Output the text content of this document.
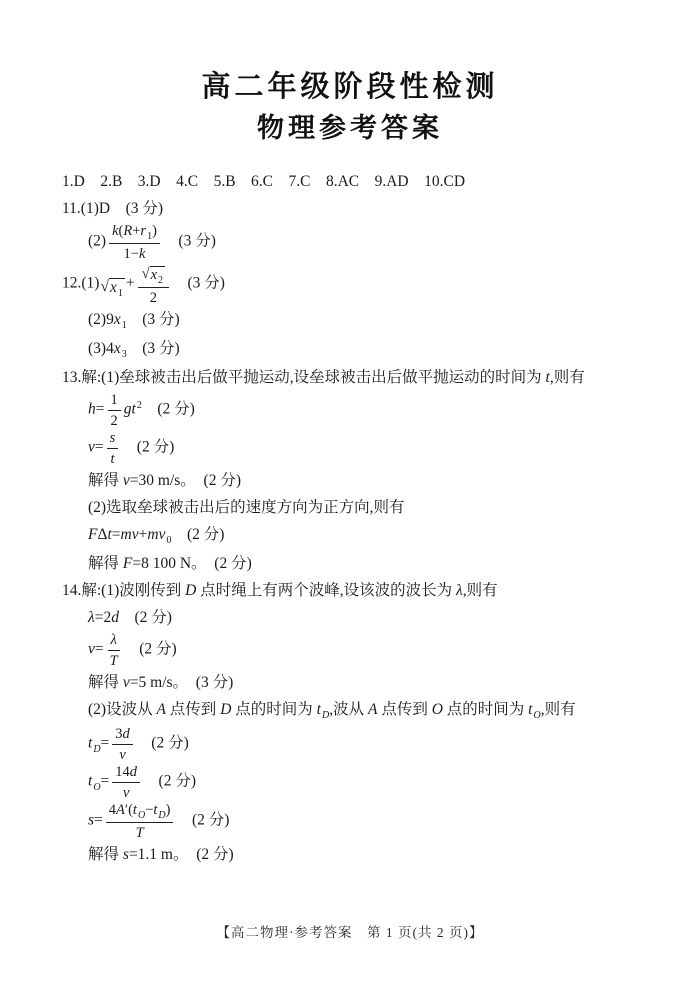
高二年级阶段性检测
物理参考答案
1.D　2.B　3.D　4.C　5.B　6.C　7.C　8.AC　9.AD　10.CD
11.(1)D　(3 分)
$(2) \frac{k(R+r_1)}{1-k}$ 　(3 分)
12.(1) √ $x_1$
+ $\frac{√ x_2}{2}$ 　(3 分)
$(2)9x_1$　(3 分)
$(3)4x_3$　(3 分)
13.解:(1)垒球被击出后做平抛运动,设垒球被击出后做平抛运动的时间为 t,则有
$h= \frac{1}{2} gt^2$　(2 分)
$v= \frac{s}{t}$ 　(2 分)
解得 v=30 m/s。　(2 分)
(2)选取垒球被击出后的速度方向为正方向,则有
$F\Delta t=mv+mv_0$　(2 分)
解得 F=8 100 N。　(2 分)
14.解:(1)波刚传到 D 点时绳上有两个波峰,设该波的波长为 λ,则有
λ=2d　(2 分)
$v= \frac{\lambda}{T}$ 　(2 分)
解得 v=5 m/s。　(3 分)
(2)设波从 A 点传到 D 点的时间为 $t_D$,波从 A 点传到 O 点的时间为 $t_O$,则有
$t_D= \frac{3d}{v}$ 　(2 分)
$t_O= \frac{14d}{v}$ 　(2 分)
$s= \frac{4A'(t_O-t_D)}{T}$ 　(2 分)
解得 s=1.1 m。　(2 分)
【高二物理·参考答案　第 1 页(共 2 页)】
